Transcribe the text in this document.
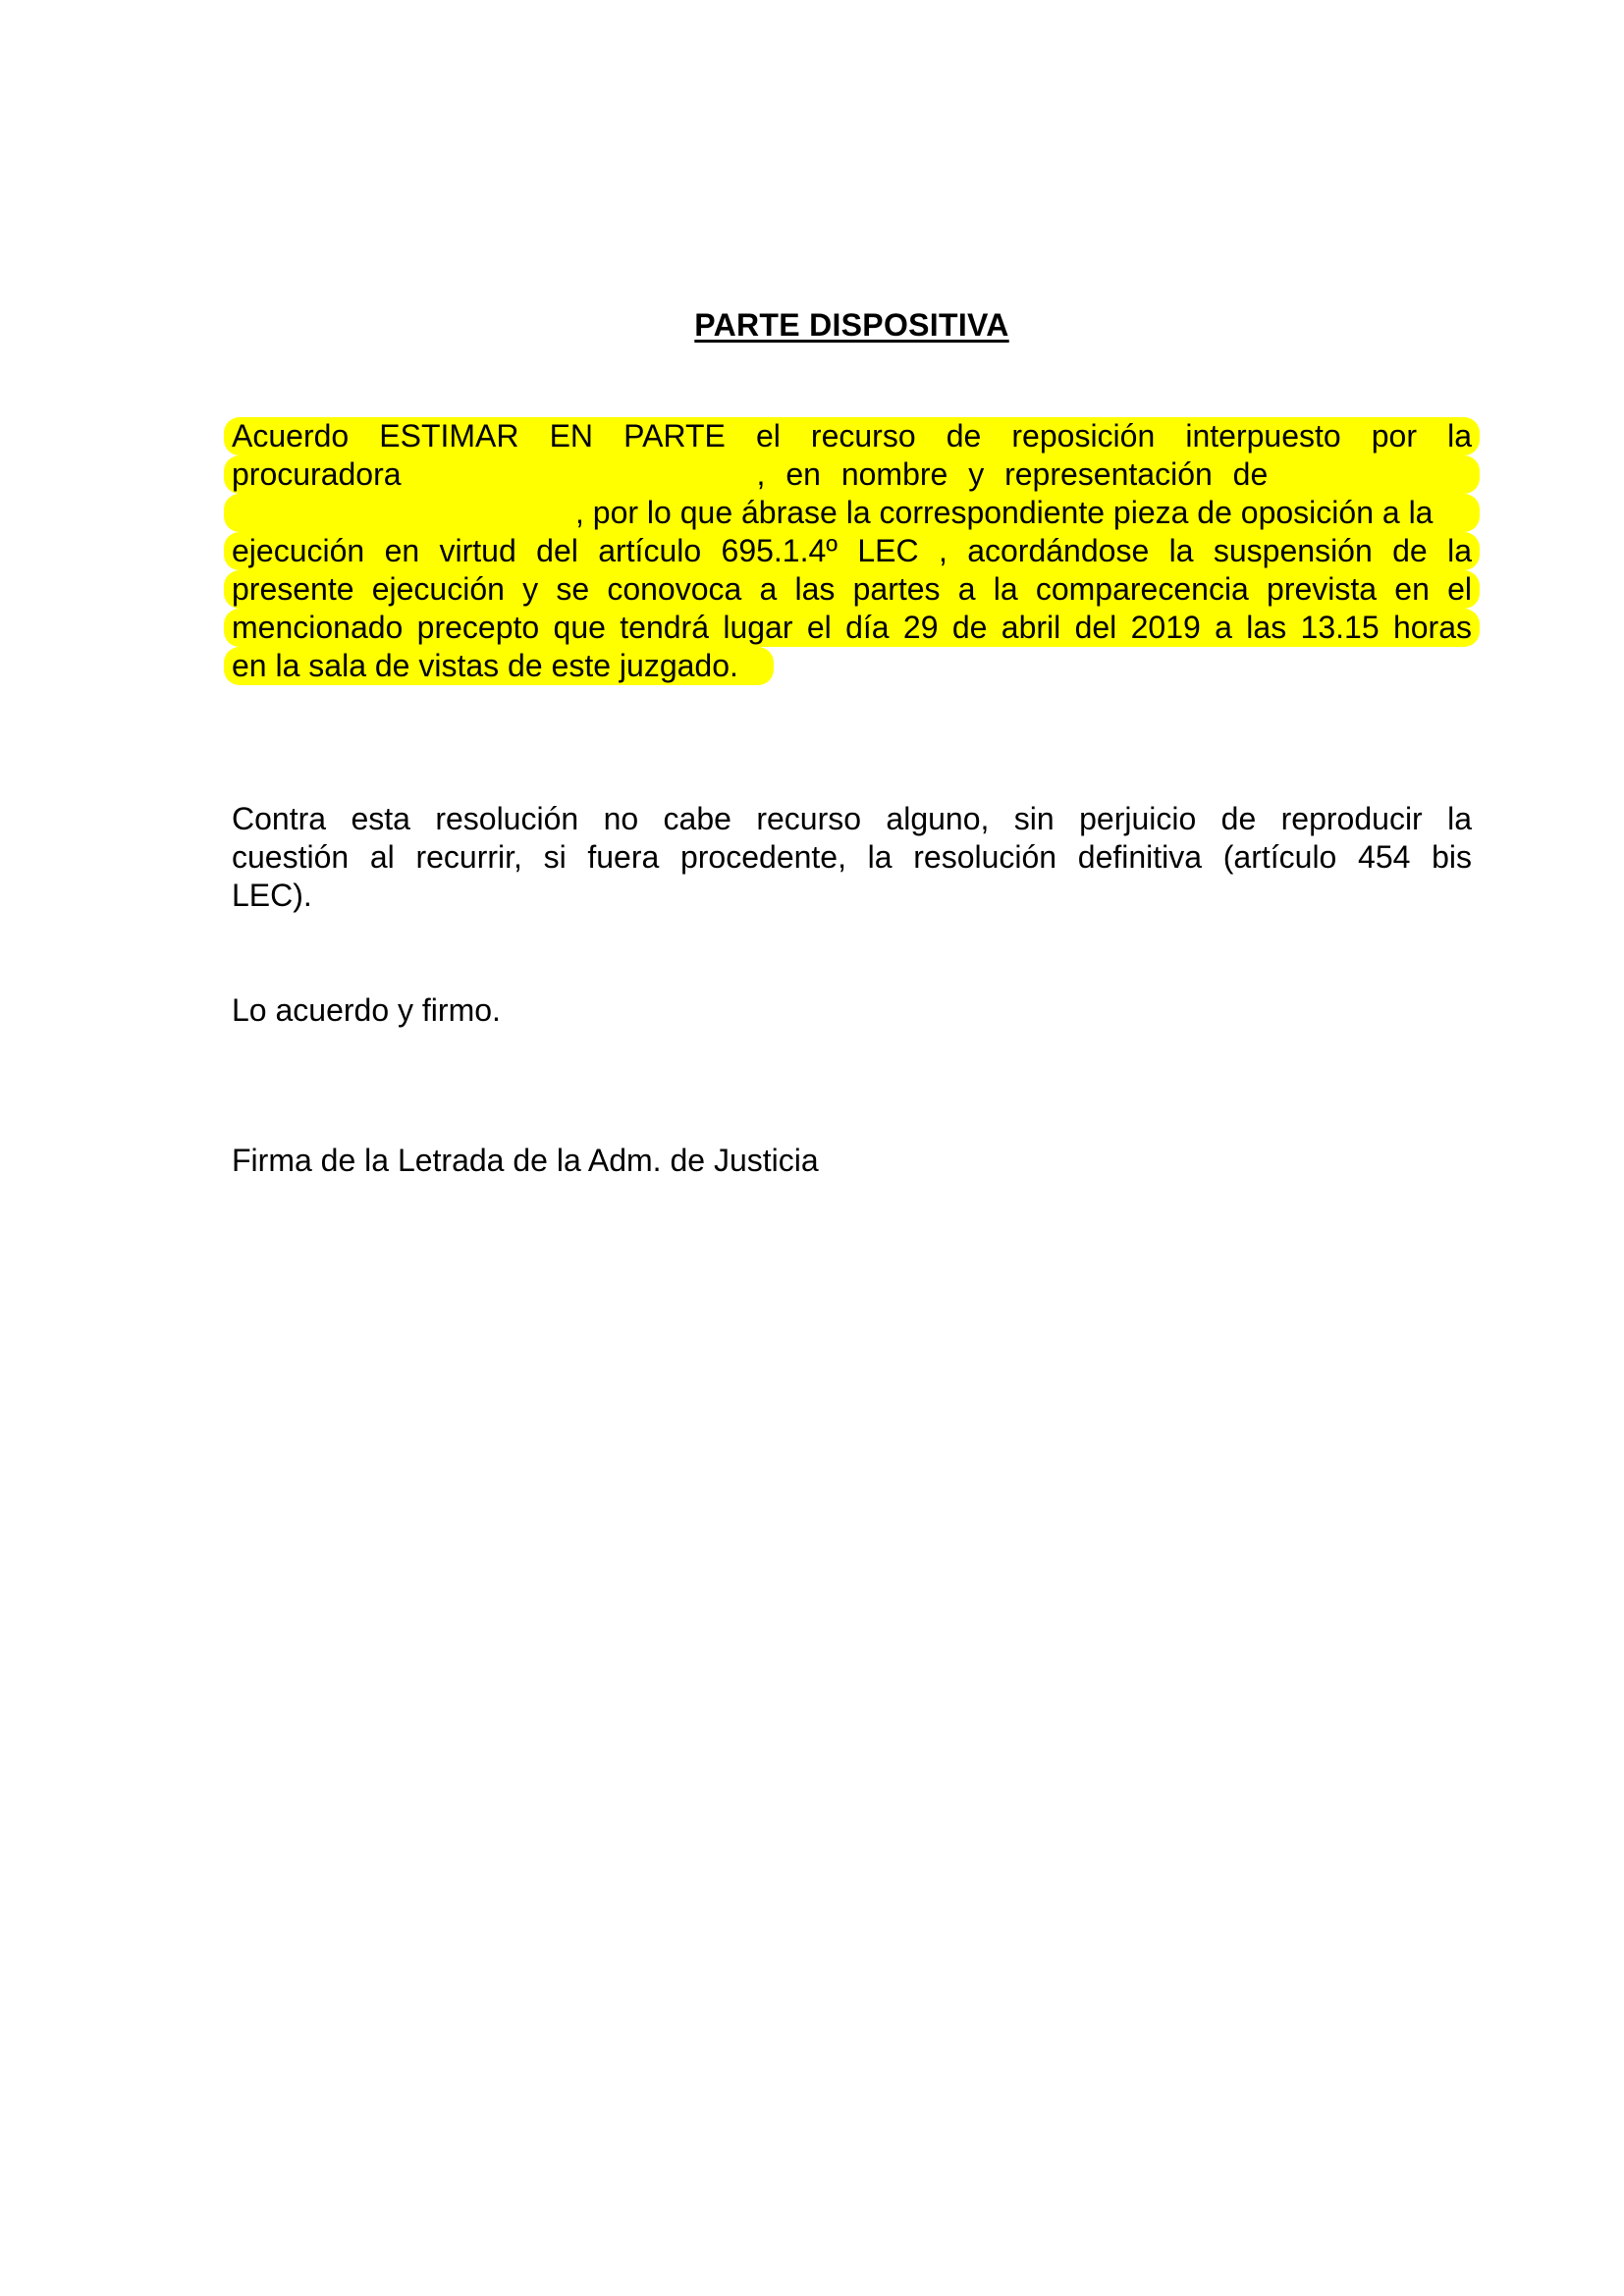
PARTE DISPOSITIVA
Acuerdo ESTIMAR EN PARTE el recurso de reposición interpuesto por la
procuradora	, en nombre y representación de
, por lo que ábrase la correspondiente pieza de oposición a la
ejecución en virtud del artículo 695.1.4º LEC , acordándose la suspensión de la
presente ejecución y se conovoca a las partes a la comparecencia prevista en el
mencionado precepto que tendrá lugar el día 29 de abril del 2019 a las 13.15 horas
en la sala de vistas de este juzgado.
Contra esta resolución no cabe recurso alguno, sin perjuicio de reproducir la
cuestión al recurrir, si fuera procedente, la resolución definitiva (artículo 454 bis
LEC).
Lo acuerdo y firmo.
Firma de la Letrada de la Adm. de Justicia
